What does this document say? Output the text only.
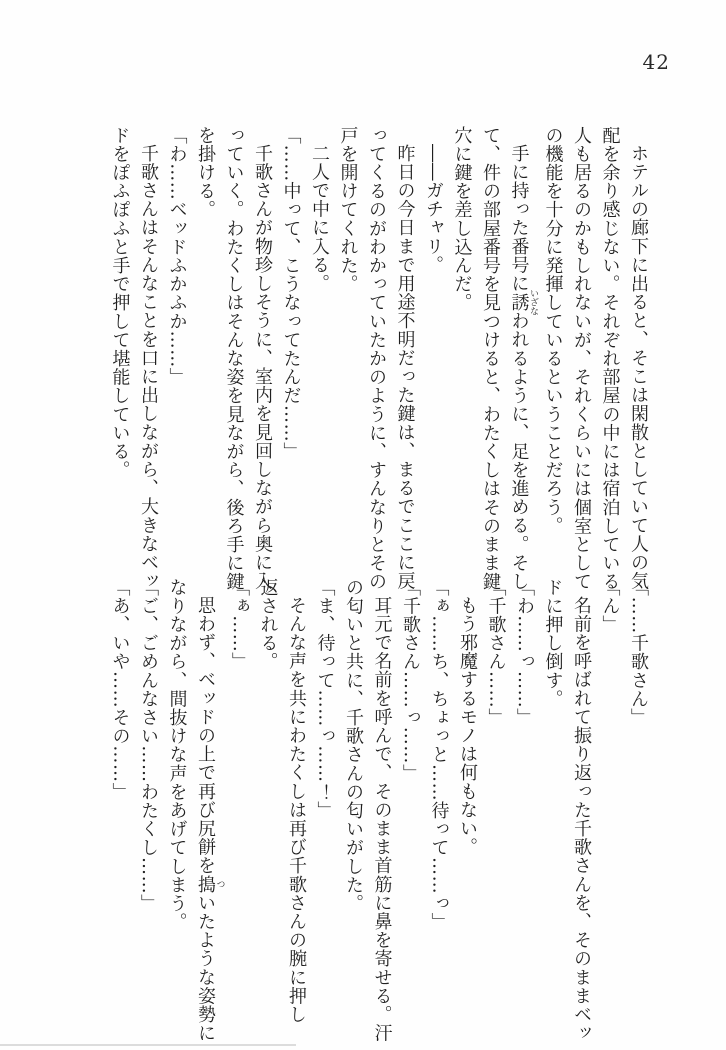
42
ホテルの廊下に出ると、そこは閑散としていて人の気
配を余り感じない。それぞれ部屋の中には宿泊している
人も居るのかもしれないが、それくらいには個室として
の機能を十分に発揮しているということだろう。
手に持った番号に誘いざなわれるように、足を進める。そし
て、件の部屋番号を見つけると、わたくしはそのまま鍵
穴に鍵を差し込んだ。
――ガチャリ。
昨日の今日まで用途不明だった鍵は、まるでここに戻
ってくるのがわかっていたかのように、すんなりとその
戸を開けてくれた。
二人で中に入る。
「……中って、こうなってたんだ……」
千歌さんが物珍しそうに、室内を見回しながら奥に入
っていく。わたくしはそんな姿を見ながら、後ろ手に鍵
を掛ける。
「わ……ベッドふかふか……」
千歌さんはそんなことを口に出しながら、大きなベッ
ドをぽふぽふと手で押して堪能している。
「……千歌さん」
「ん」
名前を呼ばれて振り返った千歌さんを、そのままベッ
ドに押し倒す。
「わ……っ……」
「千歌さん……」
もう邪魔するモノは何もない。
「ぁ……ち、ちょっと……待って……っ」
「千歌さん……っ……」
耳元で名前を呼んで、そのまま首筋に鼻を寄せる。汗
の匂いと共に、千歌さんの匂いがした。
「ま、待って……っ……！」
そんな声を共にわたくしは再び千歌さんの腕に押し
返される。
「ぁ……」
思わず、ベッドの上で再び尻餅を搗ついたような姿勢に
なりながら、間抜けな声をあげてしまう。
「ご、ごめんなさい……わたくし……」
「あ、いや……その……」
